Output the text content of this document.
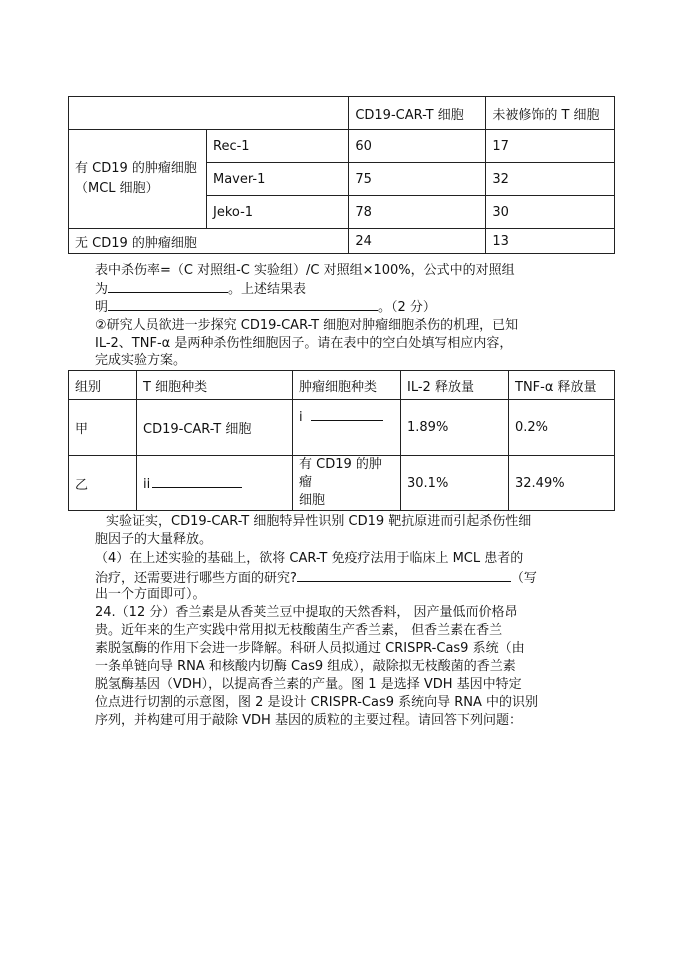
		CD19-CAR-T 细胞	未被修饰的 T 细胞

有 CD19 的肿瘤细胞
（MCL 细胞）	Rec-1	60	17
	Maver-1	75	32
	Jeko-1	78	30
无 CD19 的肿瘤细胞		24	13
表中杀伤率=（C 对照组-C 实验组）/C 对照组×100%，公式中的对照组
为	。上述结果表
明	。（2 分）
②研究人员欲进一步探究 CD19-CAR-T 细胞对肿瘤细胞杀伤的机理，已知
IL-2、TNF-α 是两种杀伤性细胞因子。请在表中的空白处填写相应内容，
完成实验方案。
组别	T 细胞种类	肿瘤细胞种类	IL-2 释放量	TNF-α 释放量
甲	CD19-CAR-T 细胞	i	1.89%	0.2%
乙	ii	有 CD19 的肿瘤
细胞	30.1%	32.49%
实验证实，CD19-CAR-T 细胞特异性识别 CD19 靶抗原进而引起杀伤性细
胞因子的大量释放。
（4）在上述实验的基础上，欲将 CAR-T 免疫疗法用于临床上 MCL 患者的
治疗，还需要进行哪些方面的研究?	（写
出一个方面即可）。
24.（12 分）香兰素是从香荚兰豆中提取的天然香料， 因产量低而价格昂
贵。近年来的生产实践中常用拟无枝酸菌生产香兰素， 但香兰素在香兰
素脱氢酶的作用下会进一步降解。科研人员拟通过 CRISPR-Cas9 系统（由
一条单链向导 RNA 和核酸内切酶 Cas9 组成），敲除拟无枝酸菌的香兰素
脱氢酶基因（VDH），以提高香兰素的产量。图 1 是选择 VDH 基因中特定
位点进行切割的示意图，图 2 是设计 CRISPR-Cas9 系统向导 RNA 中的识别
序列，并构建可用于敲除 VDH 基因的质粒的主要过程。请回答下列问题：
